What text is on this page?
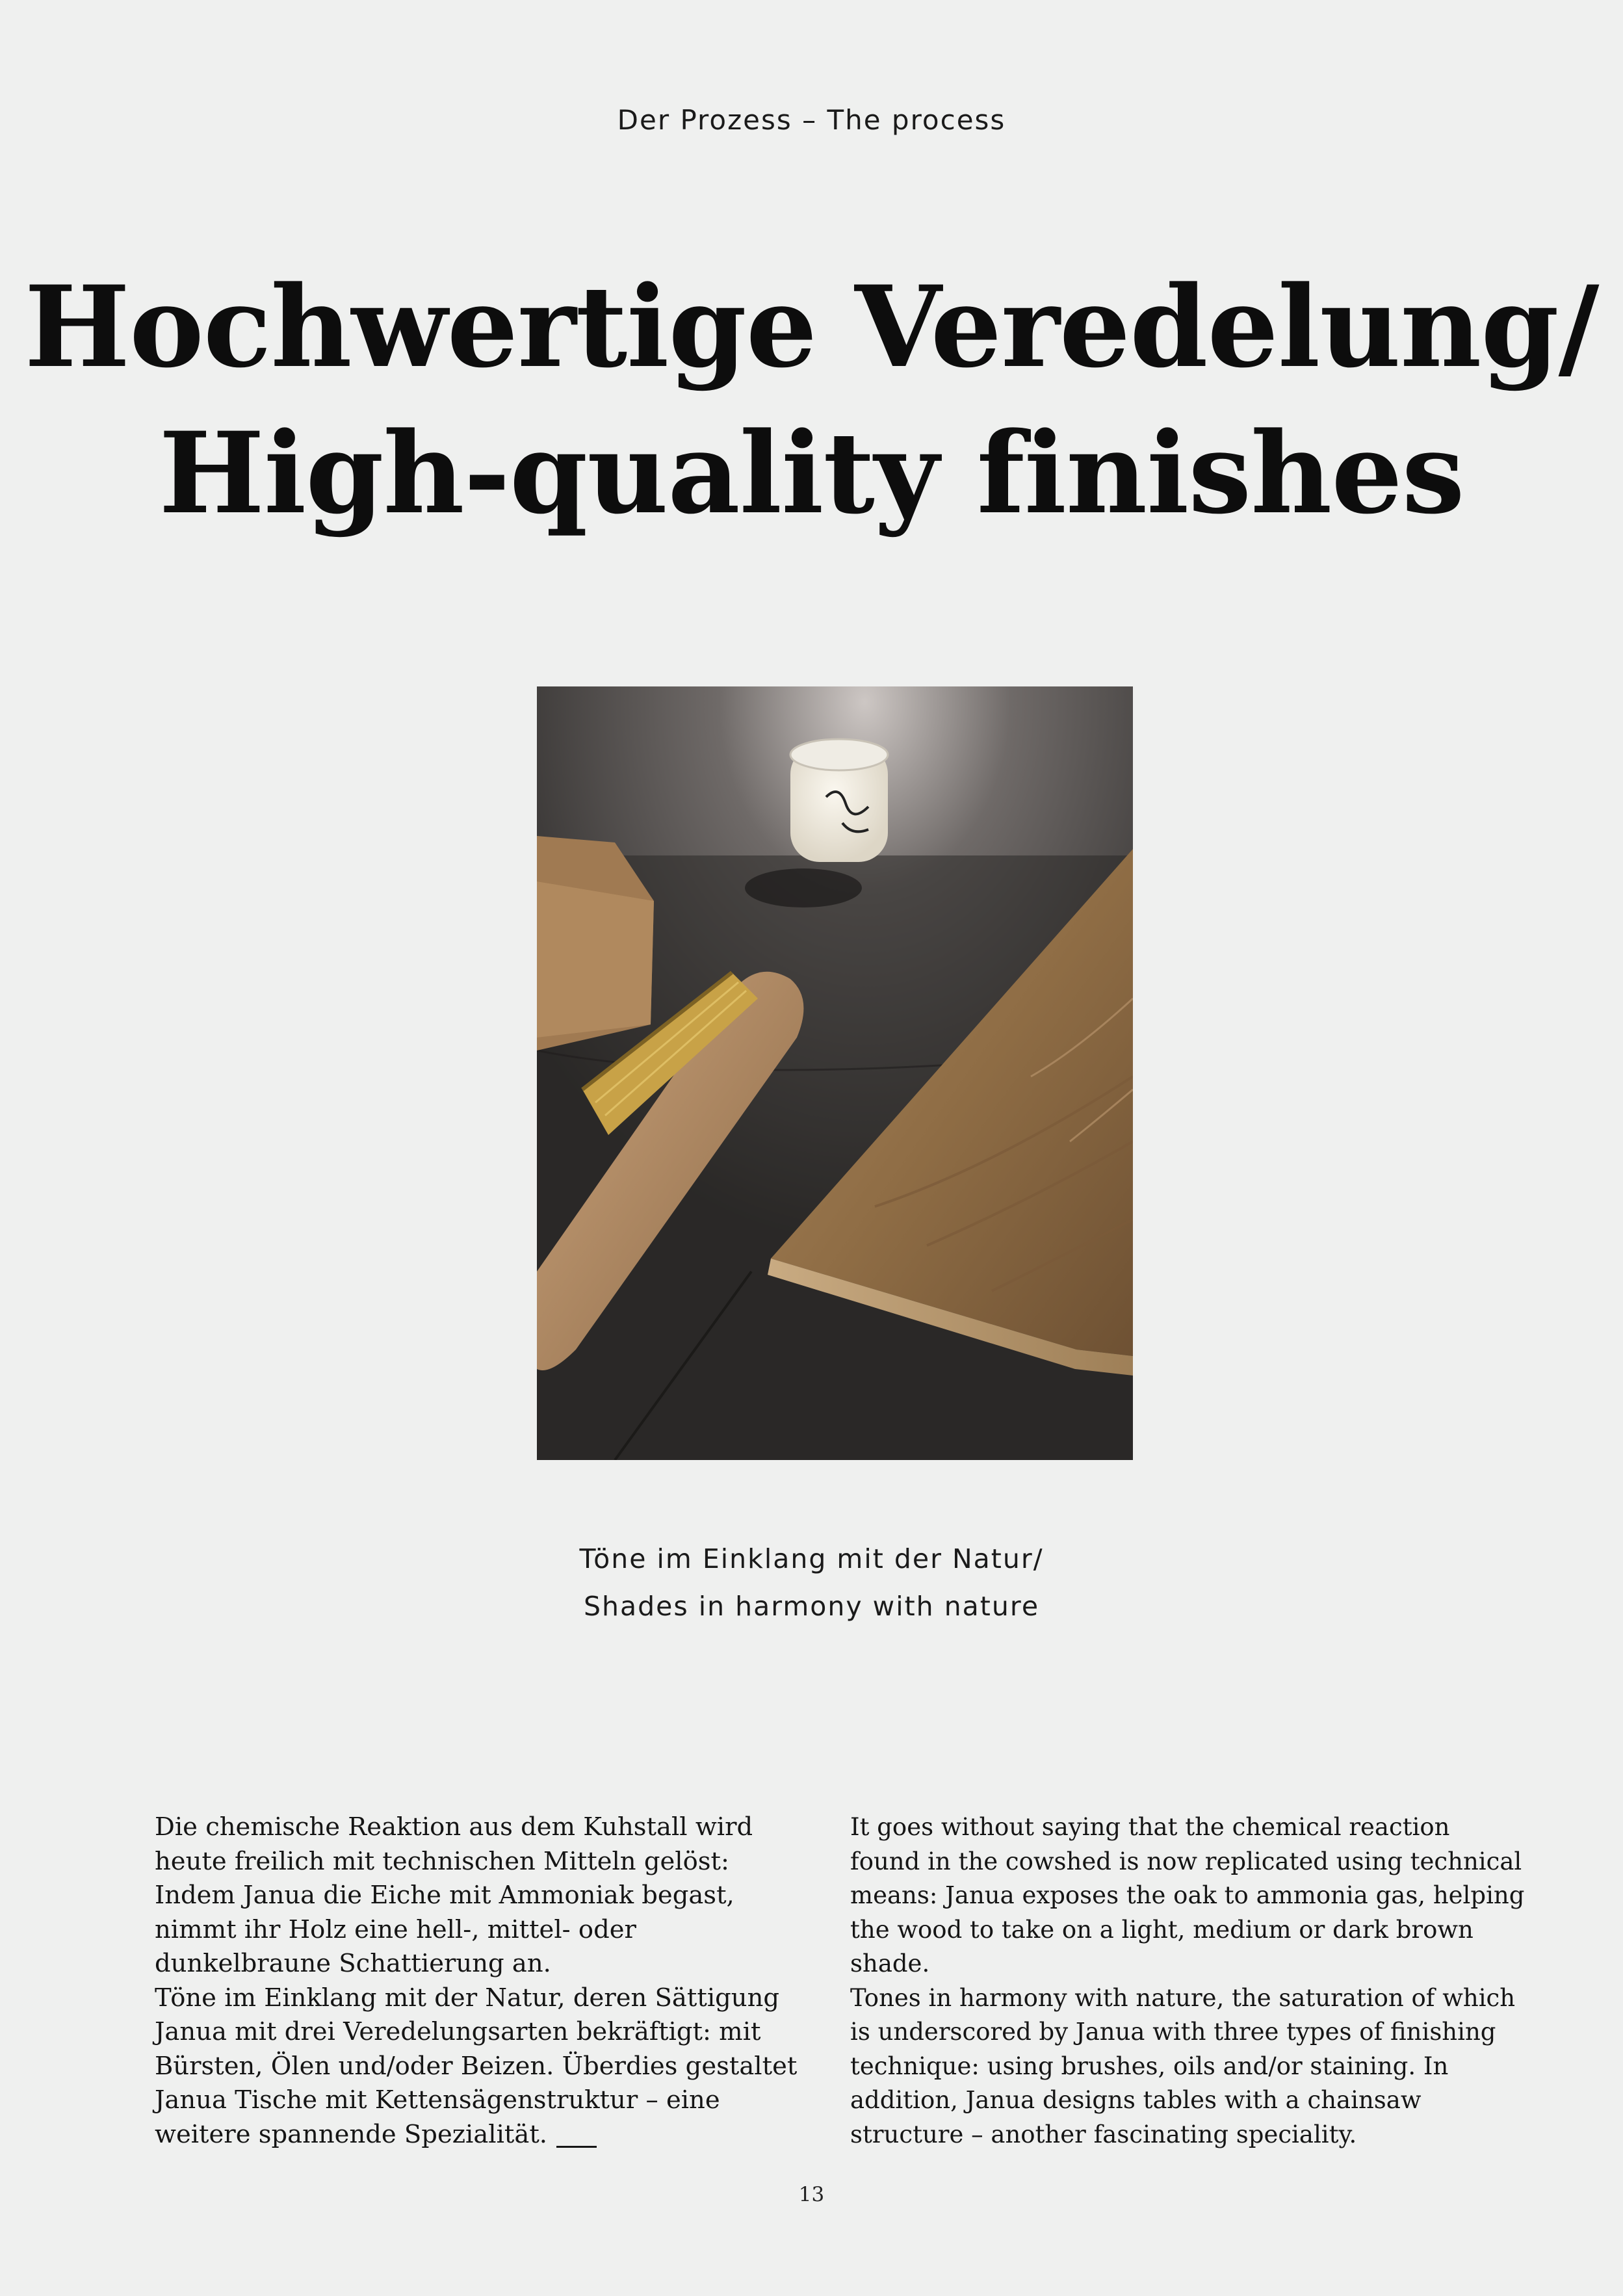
Der Prozess – The process
Hochwertige Veredelung/
High-quality finishes
Töne im Einklang mit der Natur/
Shades in harmony with nature

Die chemische Reaktion aus dem Kuhstall wird heute freilich mit technischen Mitteln gelöst: Indem Janua die Eiche mit Ammoniak begast, nimmt ihr Holz eine hell-, mittel- oder dunkelbraune Schattierung an.

Töne im Einklang mit der Natur, deren Sättigung Janua mit drei Veredelungsarten bekräftigt: mit Bürsten, Ölen und/oder Beizen. Überdies gestaltet Janua Tische mit Kettensägenstruktur – eine weitere spannende Spezialität.

It goes without saying that the chemical reaction found in the cowshed is now replicated using technical means: Janua exposes the oak to ammonia gas, helping the wood to take on a light, medium or dark brown shade.

Tones in harmony with nature, the saturation of which is underscored by Janua with three types of finishing technique: using brushes, oils and/or staining. In addition, Janua designs tables with a chainsaw structure – another fascinating speciality.

13
